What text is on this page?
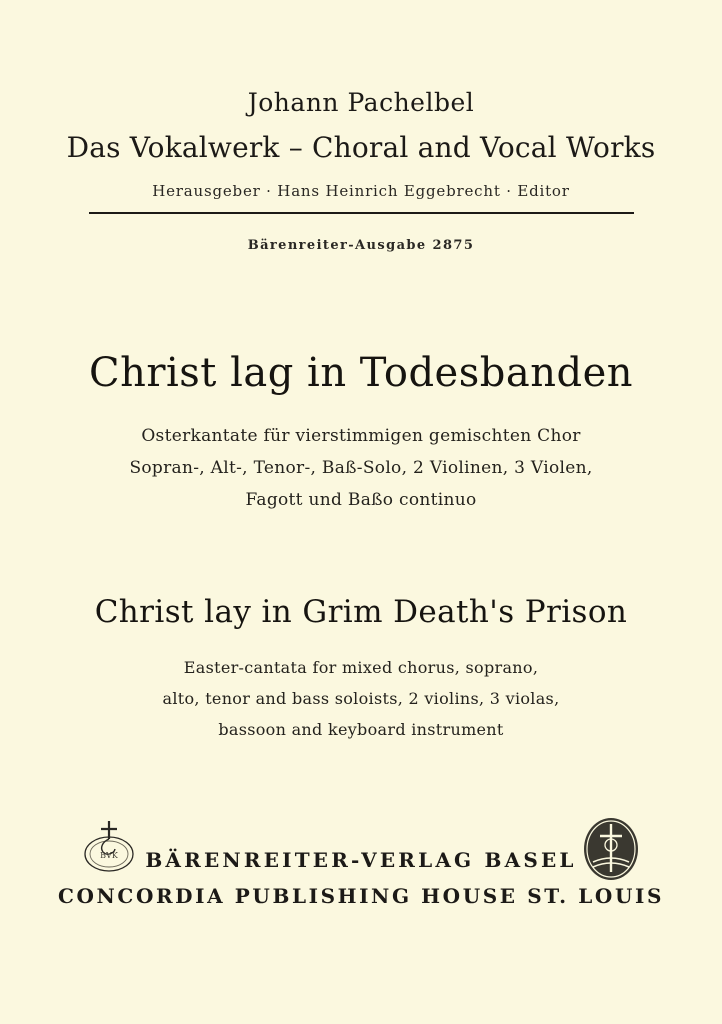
Johann Pachelbel
Das Vokalwerk – Choral and Vocal Works
Herausgeber · Hans Heinrich Eggebrecht · Editor
Bärenreiter-Ausgabe 2875
Christ lag in Todesbanden
Osterkantate für vierstimmigen gemischten Chor
Sopran-, Alt-, Tenor-, Baß-Solo, 2 Violinen, 3 Violen,
Fagott und Baßo continuo
Christ lay in Grim Death's Prison
Easter-cantata for mixed chorus, soprano,
alto, tenor and bass soloists, 2 violins, 3 violas,
bassoon and keyboard instrument
BVK	BÄRENREITER-VERLAG BASEL
CONCORDIA PUBLISHING HOUSE ST. LOUIS
